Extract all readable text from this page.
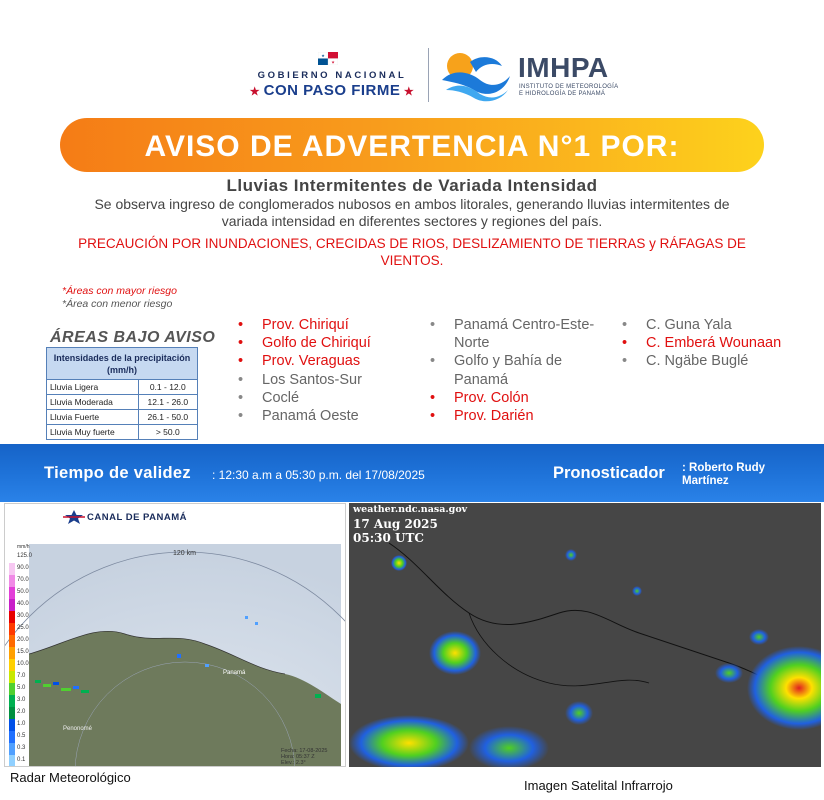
★
★
GOBIERNO NACIONAL
★ CON PASO FIRME ★
IMHPA
INSTITUTO DE METEOROLOGÍA
E HIDROLOGÍA DE PANAMÁ
AVISO DE ADVERTENCIA N°1 POR:
Lluvias Intermitentes de Variada Intensidad
Se observa ingreso de conglomerados nubosos en ambos litorales, generando lluvias intermitentes de variada intensidad en diferentes sectores y regiones del país.
PRECAUCIÓN POR INUNDACIONES, CRECIDAS DE RIOS, DESLIZAMIENTO DE TIERRAS y RÁFAGAS DE VIENTOS.
*Áreas con mayor riesgo
*Área con menor riesgo
ÁREAS BAJO AVISO
Intensidades de la precipitación (mm/h)	
Lluvia Ligera	0.1 - 12.0
Lluvia Moderada	12.1 - 26.0
Lluvia Fuerte	26.1 - 50.0
Lluvia Muy fuerte	> 50.0
• Prov. Chiriquí
• Golfo de Chiriquí
• Prov. Veraguas
• Los Santos-Sur
• Coclé
• Panamá Oeste
• Panamá Centro-Este-Norte
• Golfo y Bahía de Panamá
• Prov. Colón
• Prov. Darién
• C. Guna Yala
• C. Emberá Wounaan
• C. Ngäbe Buglé
Tiempo de validez : 12:30 a.m a 05:30 p.m. del 17/08/2025	Pronosticador : Roberto Rudy Martínez
CANAL DE PANAMÁ
mm/h
125.0
90.0
70.0
50.0
40.0
30.0
25.0
20.0
15.0
10.0
7.0
5.0
3.0
2.0
1.0
0.5
0.3
0.1
120 km
Panamá
Penonomé
Fecha: 17-08-2025
Hora: 05:37 Z
Elev.: 2.3°
weather.ndc.nasa.gov
17 Aug 2025
05:30 UTC
Radar Meteorológico
Imagen Satelital Infrarrojo
